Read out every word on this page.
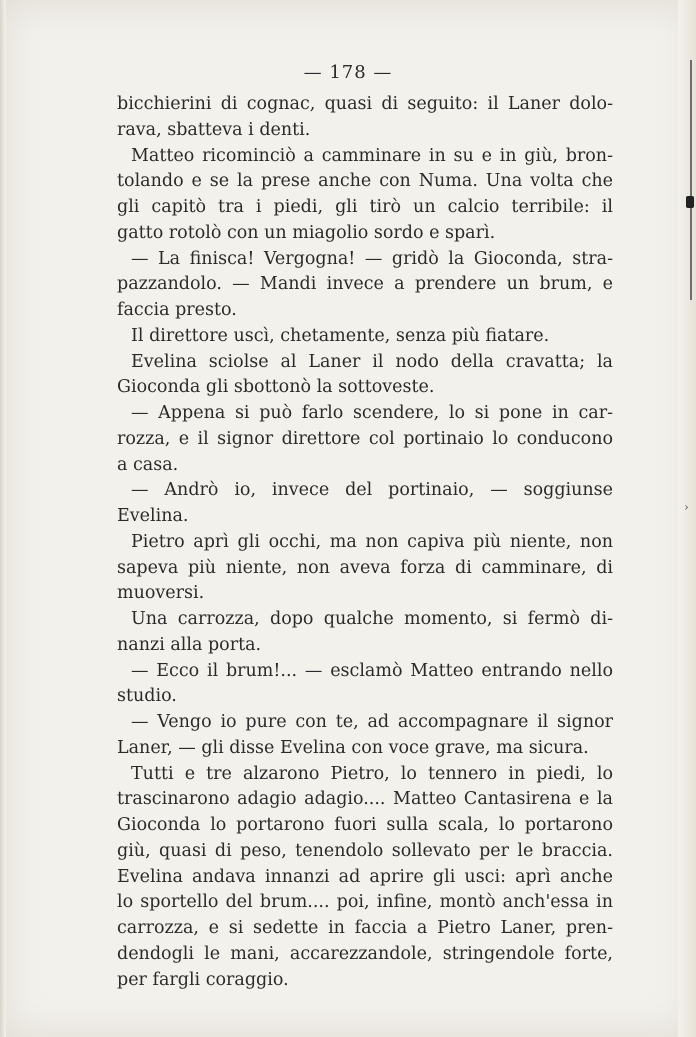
›
— 178 —
bicchierini di cognac, quasi di seguito: il Laner dolo-
rava, sbatteva i denti.
Matteo ricominciò a camminare in su e in giù, bron-
tolando e se la prese anche con Numa. Una volta che
gli capitò tra i piedi, gli tirò un calcio terribile: il
gatto rotolò con un miagolio sordo e sparì.
— La finisca! Vergogna! — gridò la Gioconda, stra-
pazzandolo. — Mandi invece a prendere un brum, e
faccia presto.
Il direttore uscì, chetamente, senza più fiatare.
Evelina sciolse al Laner il nodo della cravatta; la
Gioconda gli sbottonò la sottoveste.
— Appena si può farlo scendere, lo si pone in car-
rozza, e il signor direttore col portinaio lo conducono
a casa.
— Andrò io, invece del portinaio, — soggiunse
Evelina.
Pietro aprì gli occhi, ma non capiva più niente, non
sapeva più niente, non aveva forza di camminare, di
muoversi.
Una carrozza, dopo qualche momento, si fermò di-
nanzi alla porta.
— Ecco il brum!... — esclamò Matteo entrando nello
studio.
— Vengo io pure con te, ad accompagnare il signor
Laner, — gli disse Evelina con voce grave, ma sicura.
Tutti e tre alzarono Pietro, lo tennero in piedi, lo
trascinarono adagio adagio.... Matteo Cantasirena e la
Gioconda lo portarono fuori sulla scala, lo portarono
giù, quasi di peso, tenendolo sollevato per le braccia.
Evelina andava innanzi ad aprire gli usci: aprì anche
lo sportello del brum.... poi, infine, montò anch'essa in
carrozza, e si sedette in faccia a Pietro Laner, pren-
dendogli le mani, accarezzandole, stringendole forte,
per fargli coraggio.
